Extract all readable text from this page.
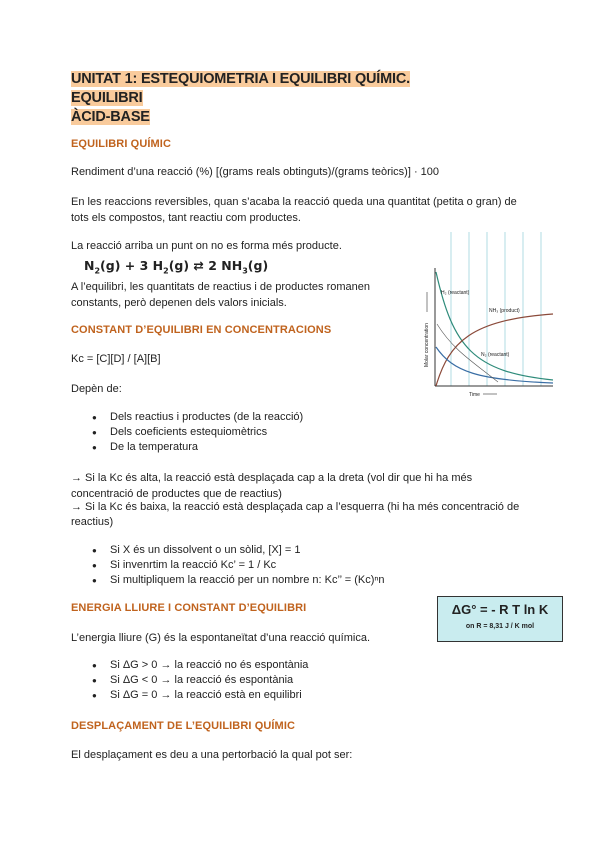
UNITAT 1: ESTEQUIOMETRIA I EQUILIBRI QUÍMIC. EQUILIBRI
ÀCID-BASE
EQUILIBRI QUÍMIC
Rendiment d’una reacció (%) [(grams reals obtinguts)/(grams teòrics)] · 100
En les reaccions reversibles, quan s’acaba la reacció queda una quantitat (petita o gran) de
tots els compostos, tant reactiu com productes.
La reacció arriba un punt on no es forma més producte.
$N_2(g) + 3$ $H_2(g)$ ⇄ 2 $NH_3(g)$
A l’equilibri, les quantitats de reactius i de productes romanen
constants, però depenen dels valors inicials.
H₂ (reactant)
NH₃ (product)
N₂ (reactant)
Molar concentration
Time
CONSTANT D’EQUILIBRI EN CONCENTRACIONS
Kc = [C][D] / [A][B]
Depèn de:
● Dels reactius i productes (de la reacció)
● Dels coeficients estequiomètrics
● De la temperatura
→ Si la Kc és alta, la reacció està desplaçada cap a la dreta (vol dir que hi ha més
concentració de productes que de reactius)
→ Si la Kc és baixa, la reacció està desplaçada cap a l’esquerra (hi ha més concentració de
reactius)
● Si X és un dissolvent o un sòlid, [X] = 1
● Si invenrtim la reacció Kc’ = 1 / Kc
● Si multipliquem la reacció per un nombre n: Kc’’ = (Kc)ⁿn
ENERGIA LLIURE I CONSTANT D’EQUILIBRI	ΔG° = - R T ln K
on R = 8,31 J / K mol
L’energia lliure (G) és la espontaneïtat d’una reacció química.
● Si ΔG > 0 → la reacció no és espontània
● Si ΔG < 0 → la reacció és espontània
● Si ΔG = 0 → la reacció està en equilibri
DESPLAÇAMENT DE L’EQUILIBRI QUÍMIC
El desplaçament es deu a una pertorbació la qual pot ser:
